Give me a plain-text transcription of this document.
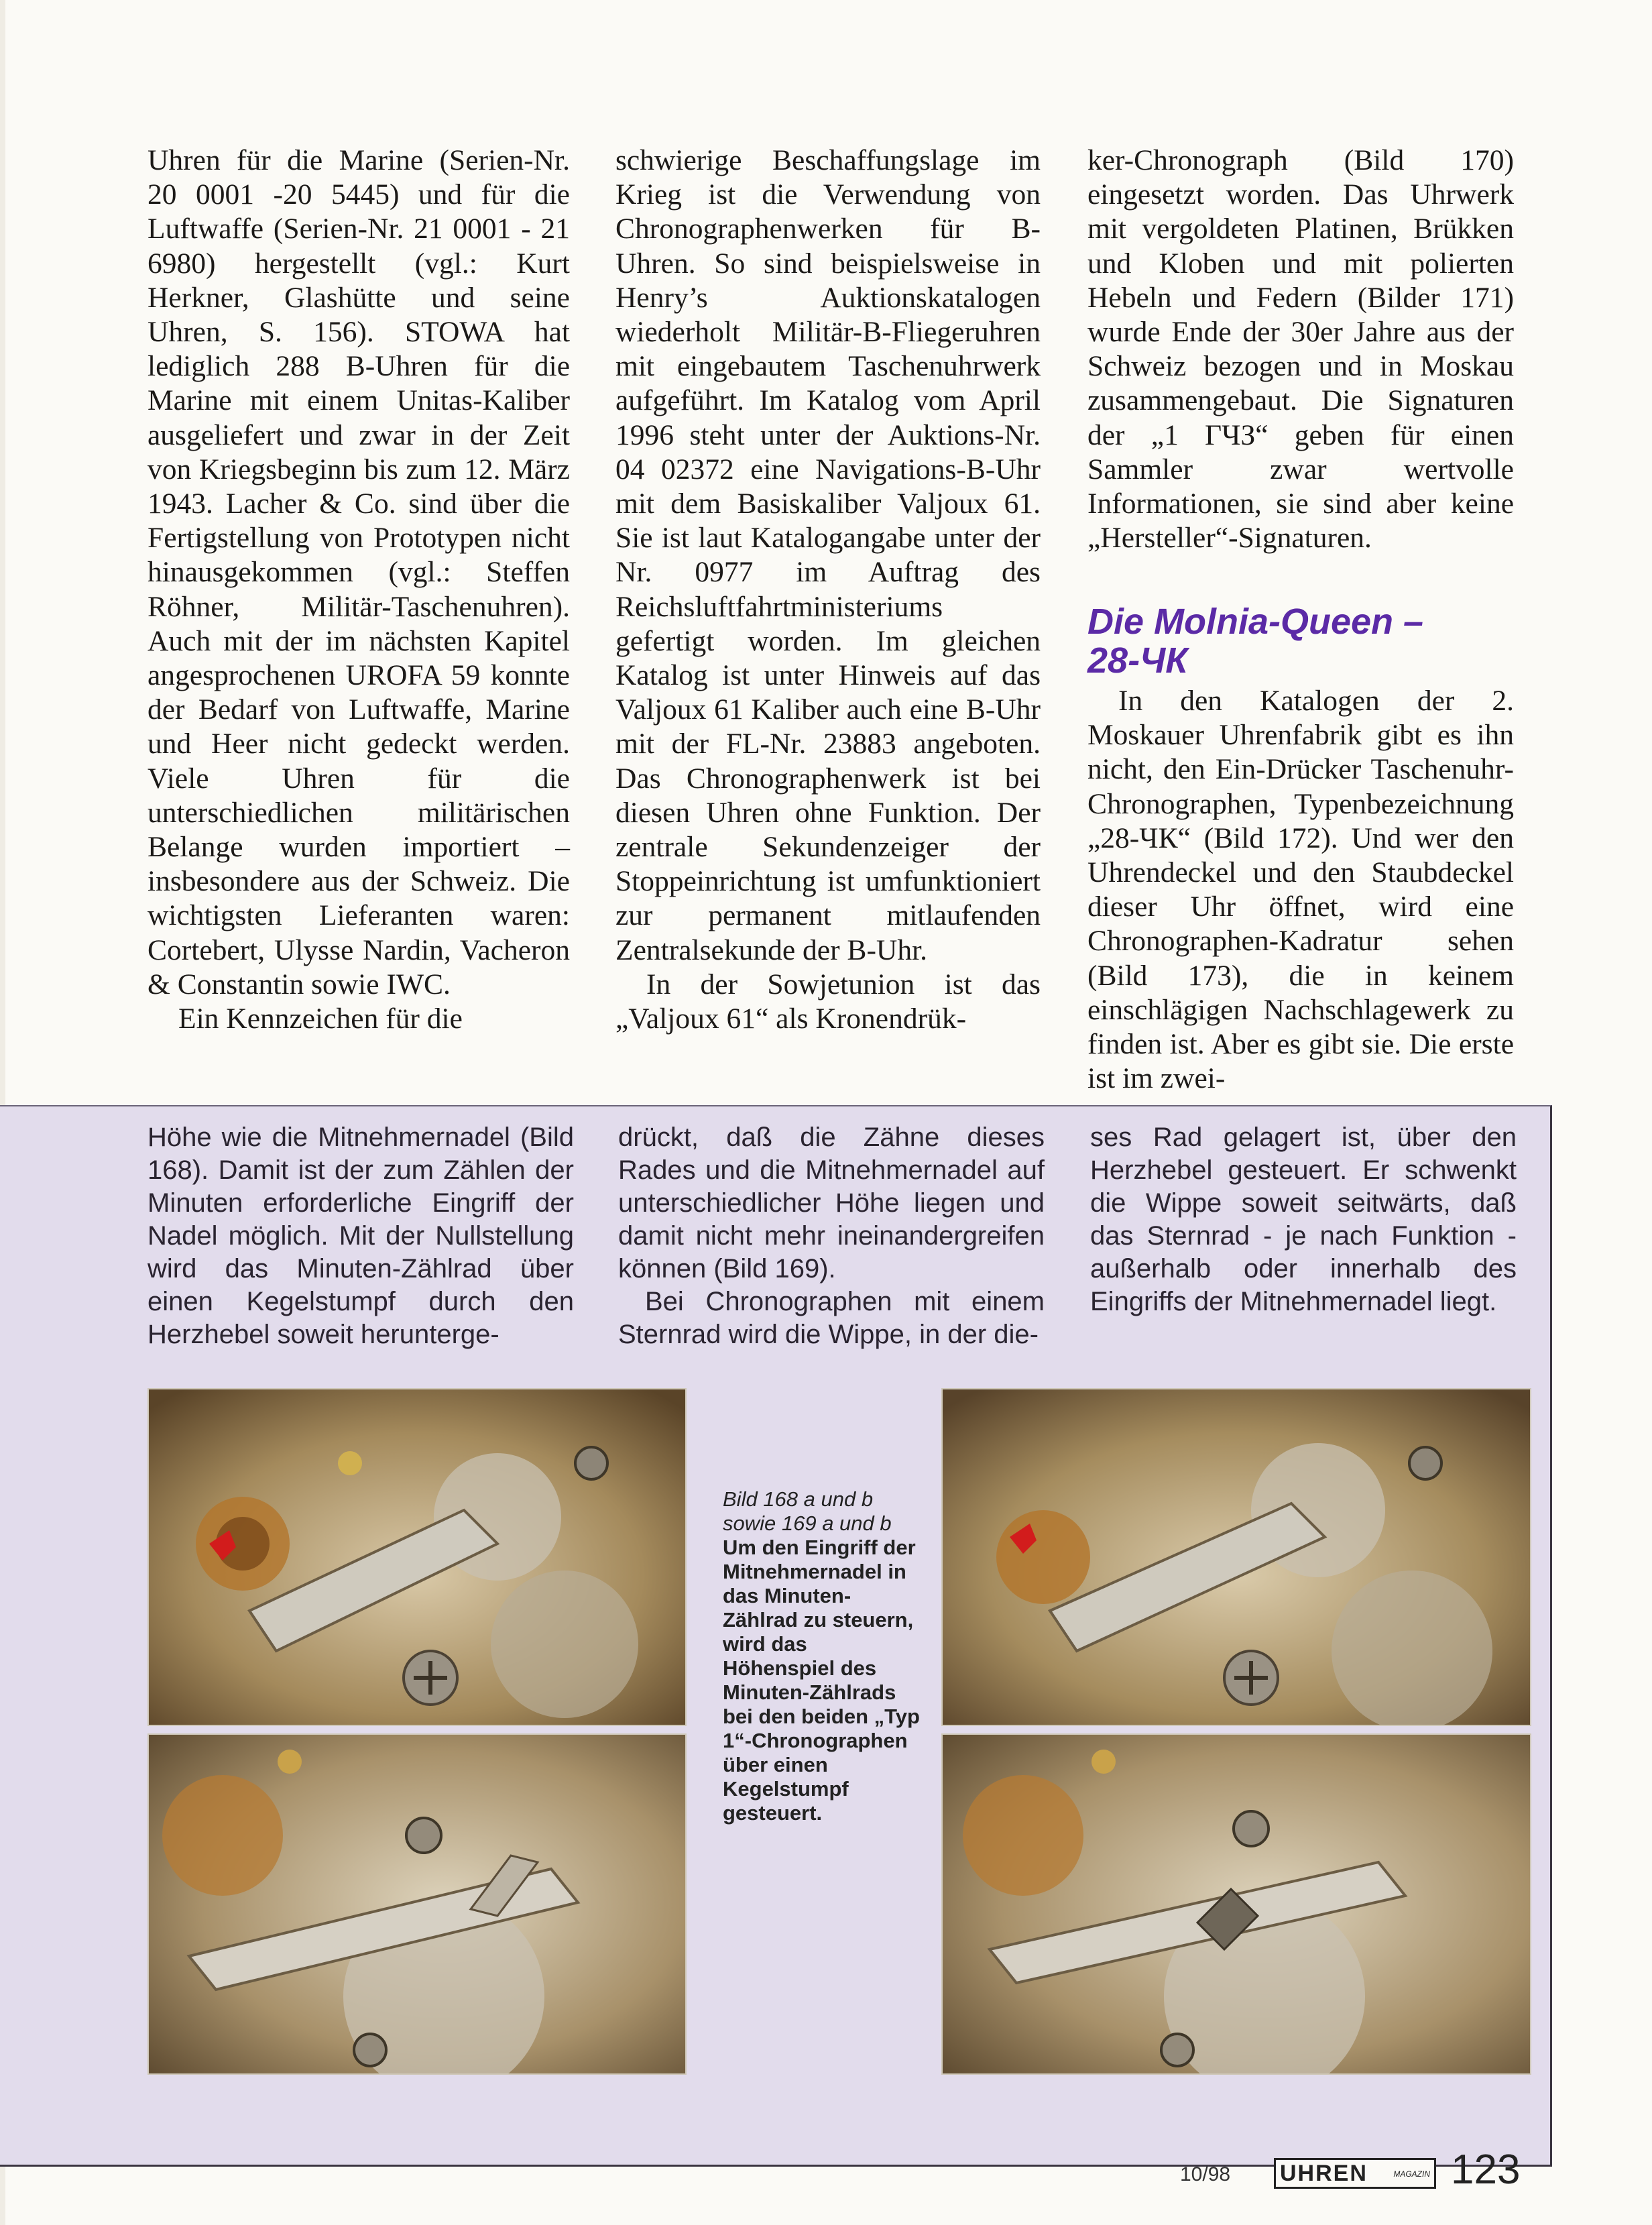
Uhren für die Marine (Serien-Nr. 20 0001 -20 5445) und für die Luftwaffe (Serien-Nr. 21 0001 - 21 6980) hergestellt (vgl.: Kurt Herkner, Glashütte und seine Uhren, S. 156). STOWA hat lediglich 288 B-Uhren für die Marine mit einem Unitas-Kaliber ausgeliefert und zwar in der Zeit von Kriegsbeginn bis zum 12. März 1943. Lacher & Co. sind über die Fertigstellung von Prototypen nicht hinausgekommen (vgl.: Steffen Röhner, Militär-Taschenuhren). Auch mit der im nächsten Kapitel angesprochenen UROFA 59 konnte der Bedarf von Luftwaffe, Marine und Heer nicht gedeckt werden. Viele Uhren für die unterschiedlichen militärischen Belange wurden importiert – insbesondere aus der Schweiz. Die wichtigsten Lieferanten waren: Cortebert, Ulysse Nardin, Vacheron & Constantin sowie IWC.

Ein Kennzeichen für die

schwierige Beschaffungslage im Krieg ist die Verwendung von Chronographenwerken für B-Uhren. So sind beispielsweise in Henry’s Auktionskatalogen wiederholt Militär-B-Fliegeruhren mit eingebautem Taschenuhrwerk aufgeführt. Im Katalog vom April 1996 steht unter der Auktions-Nr. 04 02372 eine Navigations-B-Uhr mit dem Basiskaliber Valjoux 61. Sie ist laut Katalogangabe unter der Nr. 0977 im Auftrag des Reichsluftfahrtministeriums gefertigt worden. Im gleichen Katalog ist unter Hinweis auf das Valjoux 61 Kaliber auch eine B-Uhr mit der FL-Nr. 23883 angeboten. Das Chronographenwerk ist bei diesen Uhren ohne Funktion. Der zentrale Sekundenzeiger der Stoppeinrichtung ist umfunktioniert zur permanent mitlaufenden Zentralsekunde der B-Uhr.

In der Sowjetunion ist das „Valjoux 61“ als Kronendrük-

ker-Chronograph (Bild 170) eingesetzt worden. Das Uhrwerk mit vergoldeten Platinen, Brükken und Kloben und mit polierten Hebeln und Federn (Bilder 171) wurde Ende der 30er Jahre aus der Schweiz bezogen und in Moskau zusammengebaut. Die Signaturen der „1 ГЧЗ“ geben für einen Sammler zwar wertvolle Informationen, sie sind aber keine „Hersteller“-Signaturen.

Die Molnia-Queen –
28-ЧК

In den Katalogen der 2. Moskauer Uhrenfabrik gibt es ihn nicht, den Ein-Drücker Taschenuhr-Chronographen, Typenbezeichnung „28-ЧК“ (Bild 172). Und wer den Uhrendeckel und den Staubdeckel dieser Uhr öffnet, wird eine Chronographen-Kadratur sehen (Bild 173), die in keinem einschlägigen Nachschlagewerk zu finden ist. Aber es gibt sie. Die erste ist im zwei-

Höhe wie die Mitnehmernadel (Bild 168). Damit ist der zum Zählen der Minuten erforderliche Eingriff der Nadel möglich. Mit der Nullstellung wird das Minuten-Zählrad über einen Kegelstumpf durch den Herzhebel soweit herunterge-

drückt, daß die Zähne dieses Rades und die Mitnehmernadel auf unterschiedlicher Höhe liegen und damit nicht mehr ineinandergreifen können (Bild 169).

Bei Chronographen mit einem Sternrad wird die Wippe, in der die-

ses Rad gelagert ist, über den Herzhebel gesteuert. Er schwenkt die Wippe soweit seitwärts, daß das Sternrad - je nach Funktion - außerhalb oder innerhalb des Eingriffs der Mitnehmernadel liegt.

Bild 168 a und b sowie 169 a und b
Um den Eingriff der Mitnehmernadel in das Minuten-Zählrad zu steuern, wird das Höhenspiel des Minuten-Zählrads bei den beiden „Typ 1“-Chronographen über einen Kegelstumpf gesteuert.
10/98 UHREN	MAGAZIN 123
